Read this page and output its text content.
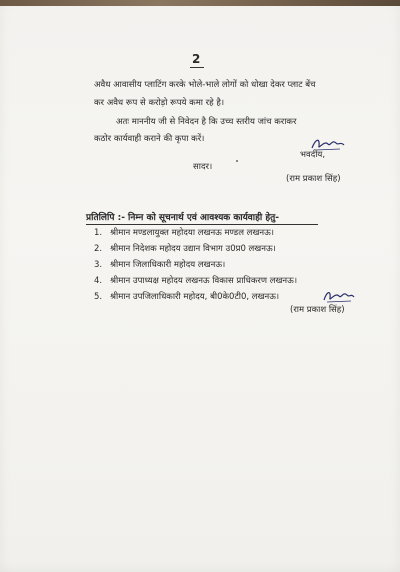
2
अवैध आवासीय प्लाटिंग करके भोले-भाले लोगों को धोखा देकर प्लाट बेंच
कर अवैध रूप से करोड़ो रूपये कमा रहे है।
अतः माननीय जी से निवेदन है कि उच्च स्तरीय जांच कराकर
कठोर कार्यवाही कराने की कृपा करें।
सादर।
भवदीय,
(राम प्रकाश सिंह)
प्रतिलिपि :- निम्न को सूचनार्थ एवं आवश्यक कार्यवाही हेतु-
1. श्रीमान मण्डलायुक्त महोदया लखनऊ मण्डल लखनऊ।
2. श्रीमान निदेशक महोदय उद्यान विभाग उ0प्र0 लखनऊ।
3. श्रीमान जिलाधिकारी महोदय लखनऊ।
4. श्रीमान उपाध्यक्ष महोदय लखनऊ विकास प्राधिकरण लखनऊ।
5. श्रीमान उपजिलाधिकारी महोदय, बी0के0टी0, लखनऊ।
(राम प्रकाश सिंह)
